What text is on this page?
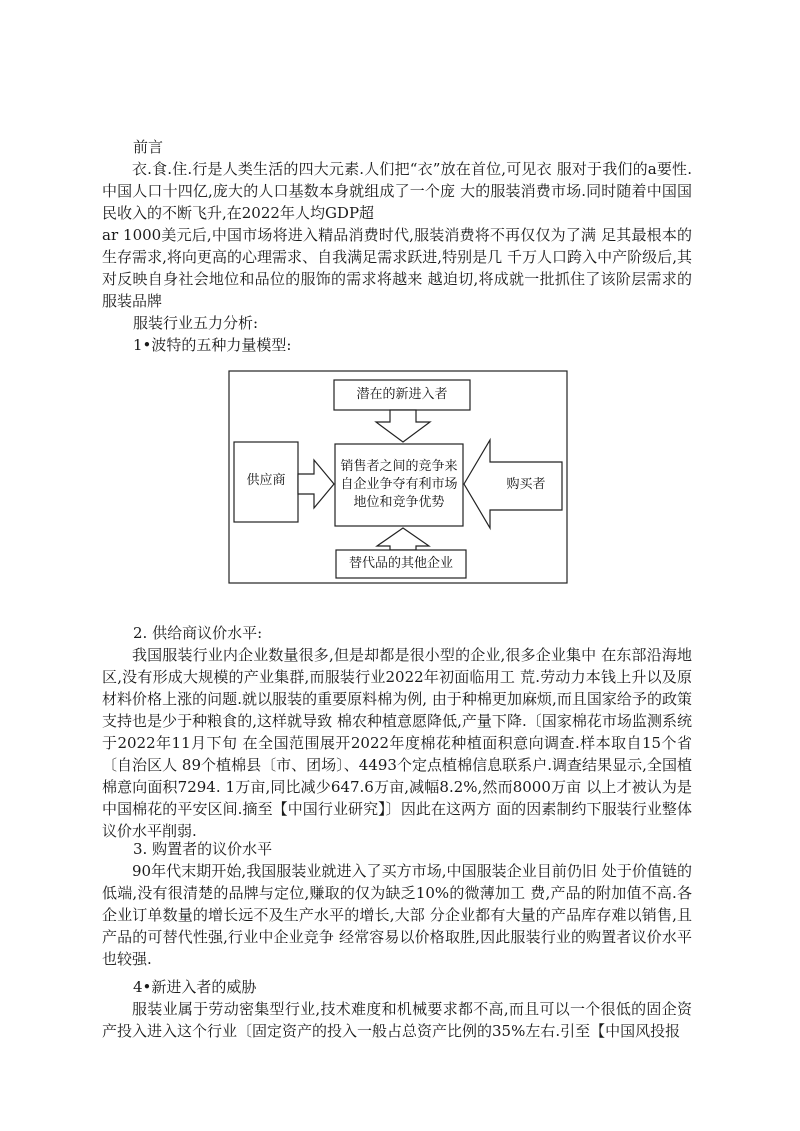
前言

衣.食.住.行是人类生活的四大元素.人们把“衣”放在首位,可见衣 服对于我们的a要性.中国人口十四亿,庞大的人口基数本身就组成了一个庞 大的服装消费市场.同时随着中国国民收入的不断飞升,在2022年人均GDP超

ar 1000美元后,中国市场将进入精品消费时代,服装消费将不再仅仅为了满 足其最根本的生存需求,将向更高的心理需求、自我满足需求跃进,特别是几 千万人口跨入中产阶级后,其对反映自身社会地位和品位的服饰的需求将越来 越迫切,将成就一批抓住了该阶层需求的服装品牌

服装行业五力分析:

1•波特的五种力量模型:

潜在的新进入者
销售者之间的竞争来
自企业争夺有利市场
地位和竞争优势
供应商	购买者
替代品的其他企业

2. 供给商议价水平:

我国服装行业内企业数量很多,但是却都是很小型的企业,很多企业集中 在东部沿海地区,没有形成大规模的产业集群,而服装行业2022年初面临用工 荒.劳动力本钱上升以及原材料价格上涨的问题.就以服装的重要原料棉为例, 由于种棉更加麻烦,而且国家给予的政策支持也是少于种粮食的,这样就导致 棉农种植意愿降低,产量下降.〔国家棉花市场监测系统于2022年11月下旬 在全国范围展开2022年度棉花种植面积意向调查.样本取自15个省〔自治区人 89个植棉县〔市、团场〕、4493个定点植棉信息联系户.调查结果显示,全国植棉意向面积7294. 1万亩,同比减少647.6万亩,减幅8.2%,然而8000万亩 以上才被认为是中国棉花的平安区间.摘至【中国行业研究】〕因此在这两方 面的因素制约下服装行业整体议价水平削弱.

3. 购置者的议价水平

90年代末期开始,我国服装业就进入了买方市场,中国服装企业目前仍旧 处于价值链的低端,没有很清楚的品牌与定位,赚取的仅为缺乏10%的微薄加工 费,产品的附加值不高.各企业订单数量的增长远不及生产水平的增长,大部 分企业都有大量的产品库存难以销售,且产品的可替代性强,行业中企业竞争 经常容易以价格取胜,因此服装行业的购置者议价水平也较强.

4•新进入者的威胁

服装业属于劳动密集型行业,技术难度和机械要求都不高,而且可以一个很低的固企资产投入进入这个行业〔固定资产的投入一般占总资产比例的35%左右.引至【中国风投报
